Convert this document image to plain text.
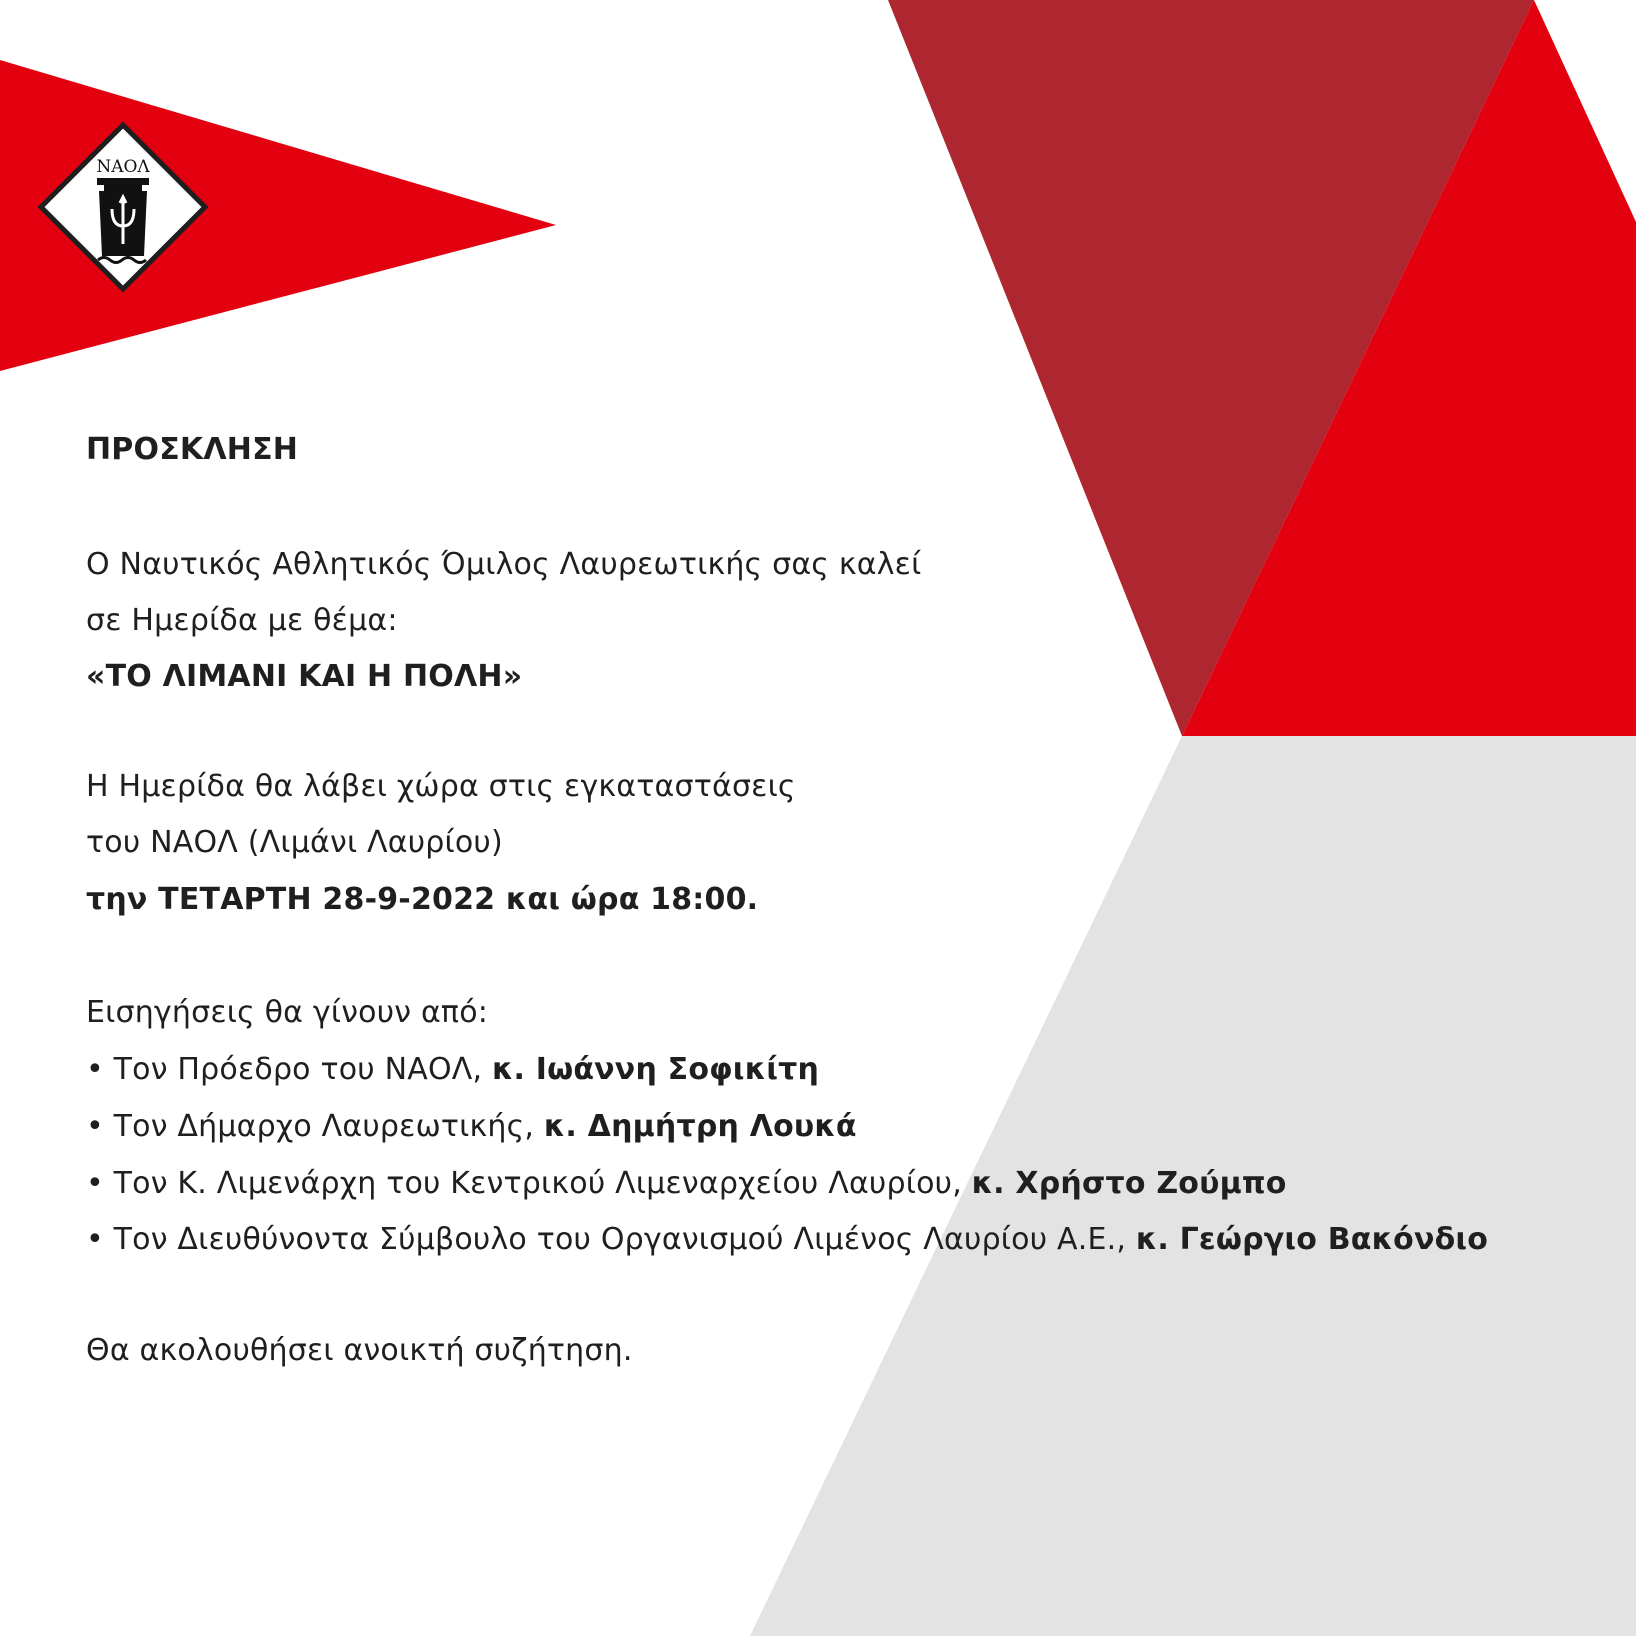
ΝΑΟΛ

ΠΡΟΣΚΛΗΣΗ

Ο Ναυτικός Αθλητικός Όμιλος Λαυρεωτικής σας καλεί

σε Ημερίδα με θέμα:

«ΤΟ ΛΙΜΑΝΙ ΚΑΙ Η ΠΟΛΗ»

Η Ημερίδα θα λάβει χώρα στις εγκαταστάσεις

του ΝΑΟΛ (Λιμάνι Λαυρίου)

την ΤΕΤΑΡΤΗ 28-9-2022 και ώρα 18:00.

Εισηγήσεις θα γίνουν από:

• Τον Πρόεδρο του ΝΑΟΛ, κ. Ιωάννη Σοφικίτη

• Τον Δήμαρχο Λαυρεωτικής, κ. Δημήτρη Λουκά

• Τον Κ. Λιμενάρχη του Κεντρικού Λιμεναρχείου Λαυρίου, κ. Χρήστο Ζούμπο

• Τον Διευθύνοντα Σύμβουλο του Οργανισμού Λιμένος Λαυρίου Α.Ε., κ. Γεώργιο Βακόνδιο

Θα ακολουθήσει ανοικτή συζήτηση.
